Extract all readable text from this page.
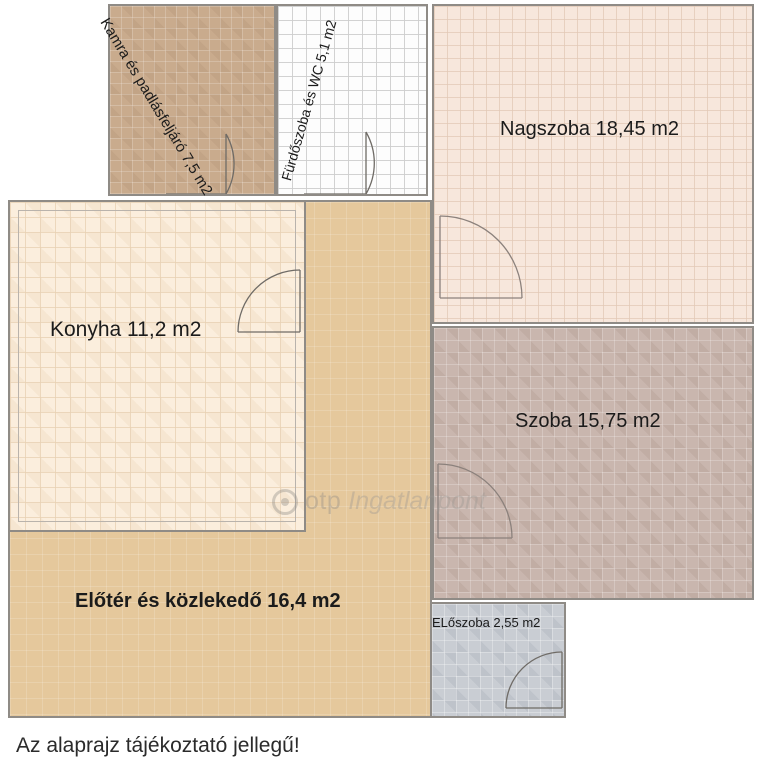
Kamra és padlásfeljáró 7,5 m2	Fürdőszoba és WC 5,1 m2	Nagszoba 18,45 m2
Szoba 15,75 m2
Előtér és közlekedő 16,4 m2
Konyha 11,2 m2
ELőszoba 2,55 m2
otp Ingatlanpont
Az alaprajz tájékoztató jellegű!
